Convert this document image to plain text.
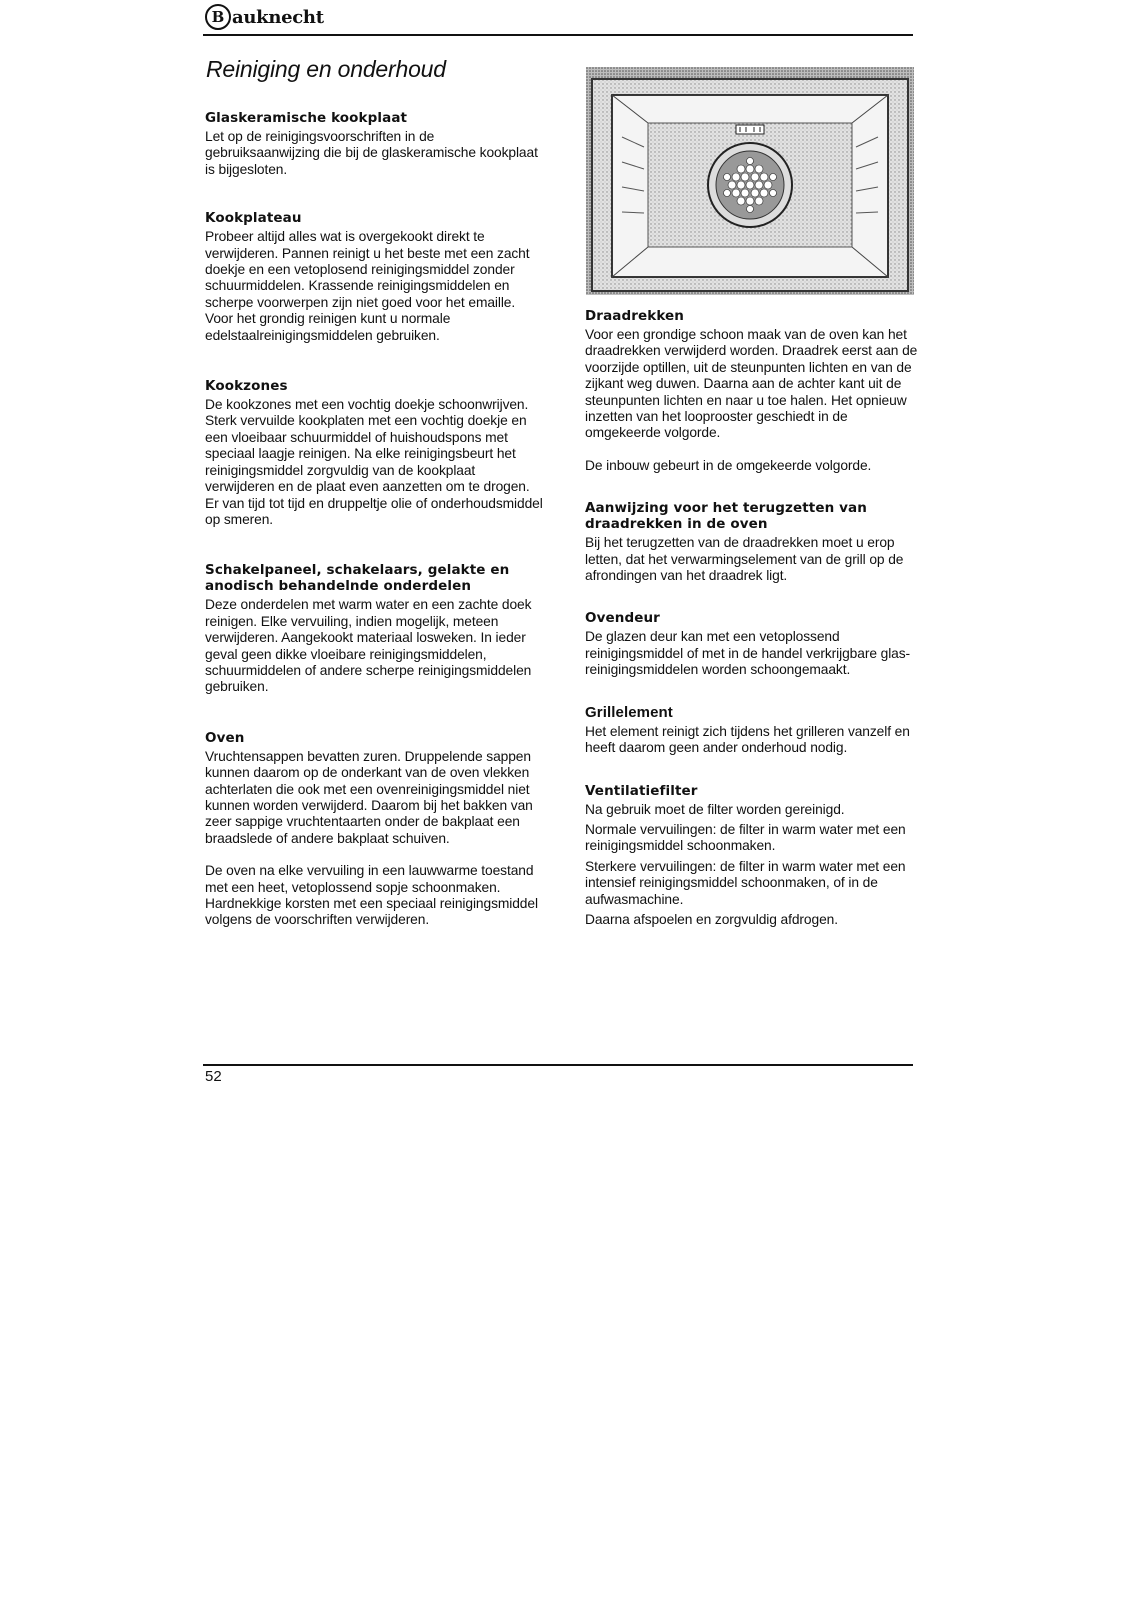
B auknecht
Reiniging en onderhoud
Glaskeramische kookplaat

Let op de reinigingsvoorschriften in de gebruiksaanwijzing die bij de glaskeramische kookplaat is bijgesloten.

Kookplateau

Probeer altijd alles wat is overgekookt direkt te verwijderen. Pannen reinigt u het beste met een zacht doekje en een vetoplosend reinigingsmiddel zonder schuurmiddelen. Krassende reinigingsmiddelen en scherpe voorwerpen zijn niet goed voor het emaille. Voor het grondig reinigen kunt u normale edelstaalreinigingsmiddelen gebruiken.

Kookzones

De kookzones met een vochtig doekje schoonwrijven. Sterk vervuilde kookplaten met een vochtig doekje en een vloeibaar schuurmiddel of huishoudspons met speciaal laagje reinigen. Na elke reinigingsbeurt het reinigingsmiddel zorgvuldig van de kookplaat verwijderen en de plaat even aanzetten om te drogen. Er van tijd tot tijd en druppeltje olie of onderhoudsmiddel op smeren.

Schakelpaneel, schakelaars, gelakte en anodisch behandelnde onderdelen

Deze onderdelen met warm water en een zachte doek reinigen. Elke vervuiling, indien mogelijk, meteen verwijderen. Aangekookt materiaal losweken. In ieder geval geen dikke vloeibare reinigingsmiddelen, schuurmiddelen of andere scherpe reinigingsmiddelen gebruiken.

Oven

Vruchtensappen bevatten zuren. Druppelende sappen kunnen daarom op de onderkant van de oven vlekken achterlaten die ook met een ovenreinigingsmiddel niet kunnen worden verwijderd. Daarom bij het bakken van zeer sappige vruchtentaarten onder de bakplaat een braadslede of andere bakplaat schuiven.

De oven na elke vervuiling in een lauwwarme toestand met een heet, vetoplossend sopje schoonmaken. Hardnekkige korsten met een speciaal reinigingsmiddel volgens de voorschriften verwijderen.

Draadrekken

Voor een grondige schoon maak van de oven kan het draadrekken verwijderd worden. Draadrek eerst aan de voorzijde optillen, uit de steunpunten lichten en van de zijkant weg duwen. Daarna aan de achter kant uit de steunpunten lichten en naar u toe halen. Het opnieuw inzetten van het looprooster geschiedt in de omgekeerde volgorde.

De inbouw gebeurt in de omgekeerde volgorde.

Aanwijzing voor het terugzetten van draadrekken in de oven

Bij het terugzetten van de draadrekken moet u erop letten, dat het verwarmingselement van de grill op de afrondingen van het draadrek ligt.

Ovendeur

De glazen deur kan met een vetoplossend reinigingsmiddel of met in de handel verkrijgbare glas-reinigingsmiddelen worden schoongemaakt.

Grillelement

Het element reinigt zich tijdens het grilleren vanzelf en heeft daarom geen ander onderhoud nodig.

Ventilatiefilter

Na gebruik moet de filter worden gereinigd.

Normale vervuilingen: de filter in warm water met een reinigingsmiddel schoonmaken.

Sterkere vervuilingen: de filter in warm water met een intensief reinigingsmiddel schoonmaken, of in de aufwasmachine.

Daarna afspoelen en zorgvuldig afdrogen.

52
